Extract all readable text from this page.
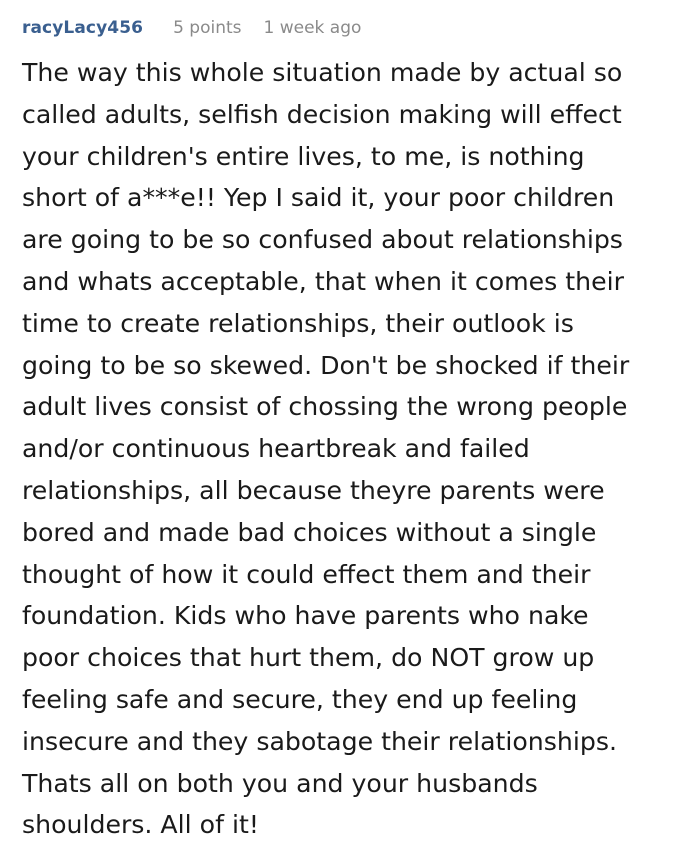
racyLacy456 5 points 1 week ago
The way this whole situation made by actual so
called adults, selfish decision making will effect
your children's entire lives, to me, is nothing
short of a***e!! Yep I said it, your poor children
are going to be so confused about relationships
and whats acceptable, that when it comes their
time to create relationships, their outlook is
going to be so skewed. Don't be shocked if their
adult lives consist of chossing the wrong people
and/or continuous heartbreak and failed
relationships, all because theyre parents were
bored and made bad choices without a single
thought of how it could effect them and their
foundation. Kids who have parents who nake
poor choices that hurt them, do NOT grow up
feeling safe and secure, they end up feeling
insecure and they sabotage their relationships.
Thats all on both you and your husbands
shoulders. All of it!
